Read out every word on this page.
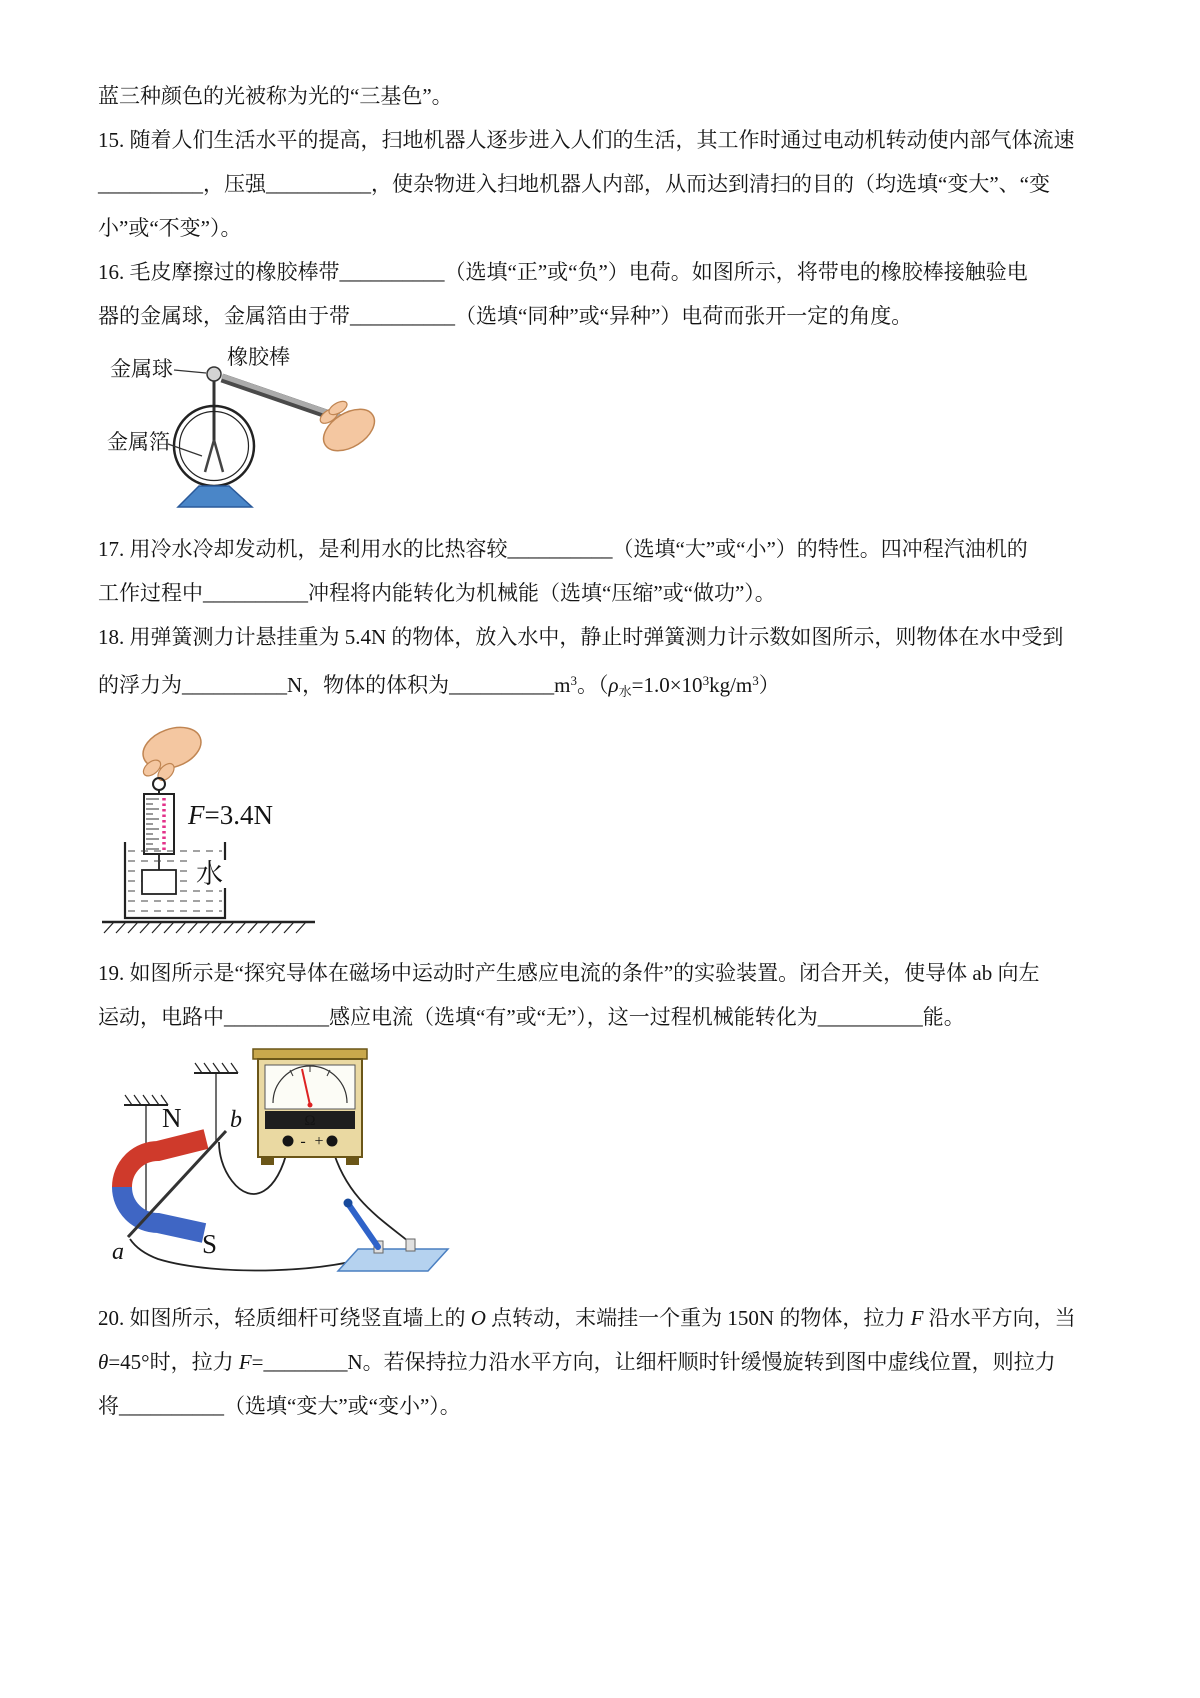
蓝三种颜色的光被称为光的“三基色”。

15. 随着人们生活水平的提高，扫地机器人逐步进入人们的生活，其工作时通过电动机转动使内部气体流速

__________，压强__________，使杂物进入扫地机器人内部，从而达到清扫的目的（均选填“变大”、“变

小”或“不变”）。

16. 毛皮摩擦过的橡胶棒带__________（选填“正”或“负”）电荷。如图所示，将带电的橡胶棒接触验电

器的金属球，金属箔由于带__________（选填“同种”或“异种”）电荷而张开一定的角度。

橡胶棒
金属球
金属箔

17. 用冷水冷却发动机，是利用水的比热容较__________（选填“大”或“小”）的特性。四冲程汽油机的

工作过程中__________冲程将内能转化为机械能（选填“压缩”或“做功”）。

18. 用弹簧测力计悬挂重为 5.4N 的物体，放入水中，静止时弹簧测力计示数如图所示，则物体在水中受到

的浮力为__________N，物体的体积为$\_\_\_\_\_\_\_\_\_\_m^3$。（ρ水$=1.0\times 10^3kg/m^3$）

F=3.4N
水

19. 如图所示是“探究导体在磁场中运动时产生感应电流的条件”的实验装置。闭合开关，使导体 ab 向左

运动，电路中__________感应电流（选填“有”或“无”），这一过程机械能转化为__________能。

N
S
b
a
Ω
- +

20. 如图所示，轻质细杆可绕竖直墙上的 O 点转动，末端挂一个重为 150N 的物体，拉力 F 沿水平方向，当

θ=45°时，拉力 F=________N。若保持拉力沿水平方向，让细杆顺时针缓慢旋转到图中虚线位置，则拉力

将__________（选填“变大”或“变小”）。
